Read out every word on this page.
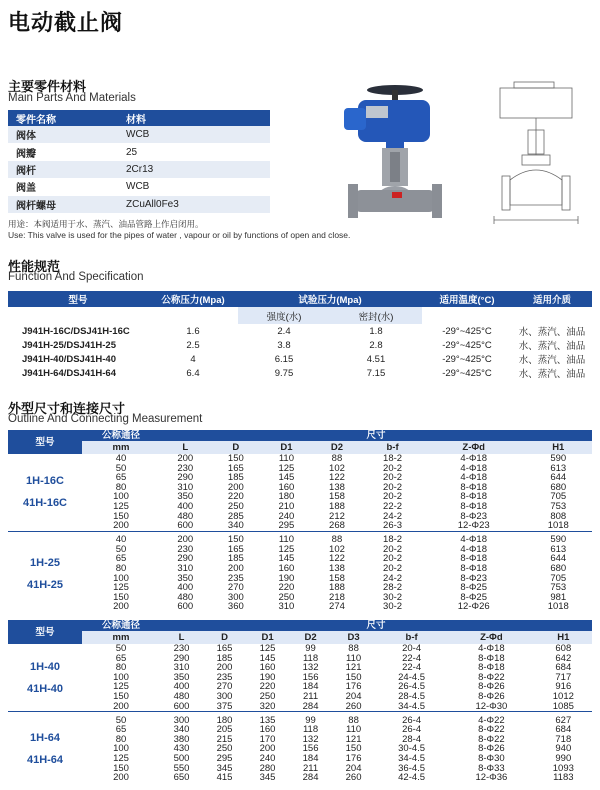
电动截止阀
主要零件材料
Main Parts And Materials
零件名称	材料
阀体	WCB
阀瓣	25
阀杆	2Cr13
阀盖	WCB
阀杆螺母	ZCuAll0Fe3
用途：本阀适用于水、蒸汽、油品管路上作启闭用。
Use: This valve is used for the pipes of water , vapour or oil by functions of open and close.
性能规范
Function And Specification
型号	公称压力(Mpa)	试验压力(Mpa)		适用温度(°C)	适用介质
		强度(水)	密封(水)		
J941H-16C/DSJ41H-16C	1.6	2.4	1.8	-29°~425°C	水、蒸汽、油品
J941H-25/DSJ41H-25	2.5	3.8	2.8	-29°~425°C	水、蒸汽、油品
J941H-40/DSJ41H-40	4	6.15	4.51	-29°~425°C	水、蒸汽、油品
J941H-64/DSJ41H-64	6.4	9.75	7.15	-29°~425°C	水、蒸汽、油品
外型尺寸和连接尺寸
Outline And Connecting Measurement
型号	公称通径	尺寸						
	mm	L	D	D1	D2	b-f	Z-Φd	H1

1H-16C
41H-16C	40	200	150	110	88	18-2	4-Φ18	590
	50	230	165	125	102	20-2	4-Φ18	613
	65	290	185	145	122	20-2	4-Φ18	644
	80	310	200	160	138	20-2	8-Φ18	680
	100	350	220	180	158	20-2	8-Φ18	705
	125	400	250	210	188	22-2	8-Φ18	753
	150	480	285	240	212	24-2	8-Φ23	808
	200	600	340	295	268	26-3	12-Φ23	1018

1H-25
41H-25	40	200	150	110	88	18-2	4-Φ18	590
	50	230	165	125	102	20-2	4-Φ18	613
	65	290	185	145	122	20-2	8-Φ18	644
	80	310	200	160	138	20-2	8-Φ18	680
	100	350	235	190	158	24-2	8-Φ23	705
	125	400	270	220	188	28-2	8-Φ25	753
	150	480	300	250	218	30-2	8-Φ25	981
	200	600	360	310	274	30-2	12-Φ26	1018
型号	公称通径	尺寸							
	mm	L	D	D1	D2	D3	b-f	Z-Φd	H1

1H-40
41H-40	50	230	165	125	99	88	20-4	4-Φ18	608
	65	290	185	145	118	110	22-4	8-Φ18	642
	80	310	200	160	132	121	22-4	8-Φ18	684
	100	350	235	190	156	150	24-4.5	8-Φ22	717
	125	400	270	220	184	176	26-4.5	8-Φ26	916
	150	480	300	250	211	204	28-4.5	8-Φ26	1012
	200	600	375	320	284	260	34-4.5	12-Φ30	1085

1H-64
41H-64	50	300	180	135	99	88	26-4	4-Φ22	627
	65	340	205	160	118	110	26-4	8-Φ22	684
	80	380	215	170	132	121	28-4	8-Φ22	718
	100	430	250	200	156	150	30-4.5	8-Φ26	940
	125	500	295	240	184	176	34-4.5	8-Φ30	990
	150	550	345	280	211	204	36-4.5	8-Φ33	1093
	200	650	415	345	284	260	42-4.5	12-Φ36	1183
